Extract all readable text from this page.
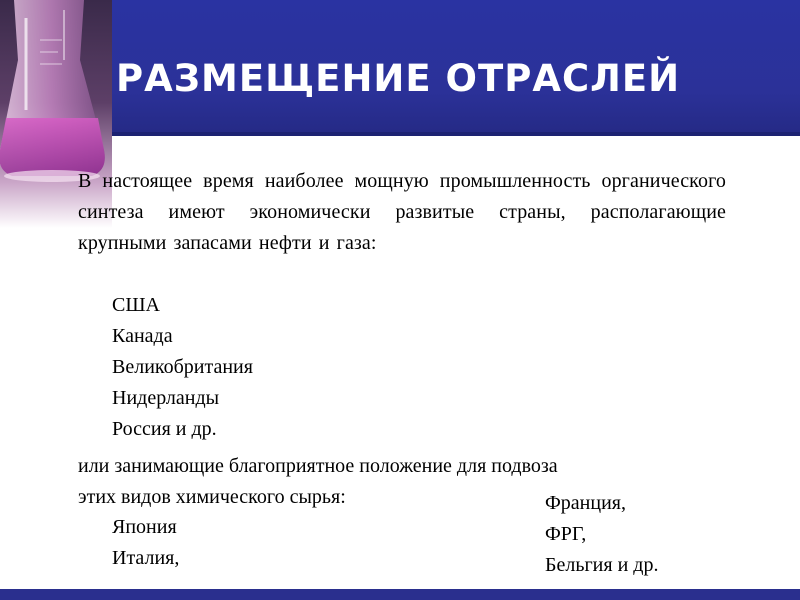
РАЗМЕЩЕНИЕ ОТРАСЛЕЙ
В настоящее время наиболее мощную промышленность органического синтеза имеют экономически развитые страны, располагающие крупными запасами нефти и газа:
США
Канада
Великобритания
Нидерланды
Россия и др.
или занимающие благоприятное положение для подвоза
этих видов химического сырья:
Япония
Италия,
Франция,
ФРГ,
Бельгия и др.
